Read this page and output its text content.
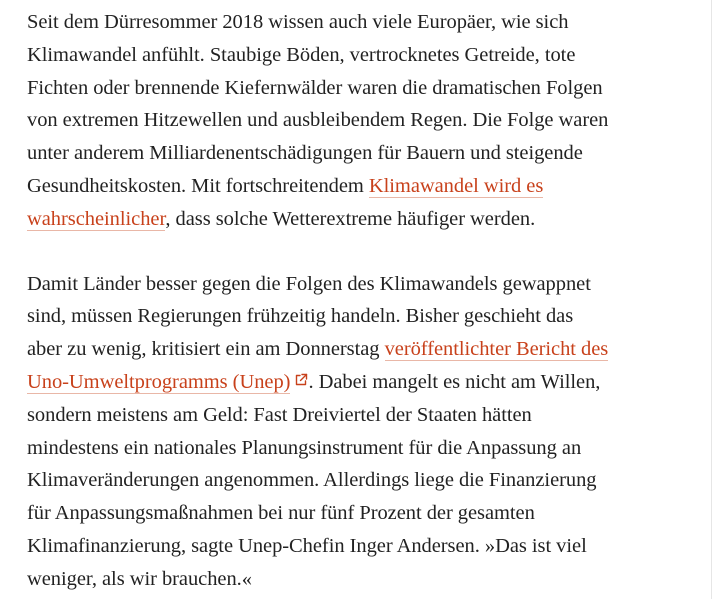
Seit dem Dürresommer 2018 wissen auch viele Europäer, wie sich
Klimawandel anfühlt. Staubige Böden, vertrocknetes Getreide, tote
Fichten oder brennende Kiefernwälder waren die dramatischen Folgen
von extremen Hitzewellen und ausbleibendem Regen. Die Folge waren
unter anderem Milliardenentschädigungen für Bauern und steigende
Gesundheitskosten. Mit fortschreitendem Klimawandel wird es
wahrscheinlicher, dass solche Wetterextreme häufiger werden.
Damit Länder besser gegen die Folgen des Klimawandels gewappnet
sind, müssen Regierungen frühzeitig handeln. Bisher geschieht das
aber zu wenig, kritisiert ein am Donnerstag veröffentlichter Bericht des
Uno-Umweltprogramms (Unep) . Dabei mangelt es nicht am Willen,
sondern meistens am Geld: Fast Dreiviertel der Staaten hätten
mindestens ein nationales Planungsinstrument für die Anpassung an
Klimaveränderungen angenommen. Allerdings liege die Finanzierung
für Anpassungsmaßnahmen bei nur fünf Prozent der gesamten
Klimafinanzierung, sagte Unep-Chefin Inger Andersen. »Das ist viel
weniger, als wir brauchen.«
